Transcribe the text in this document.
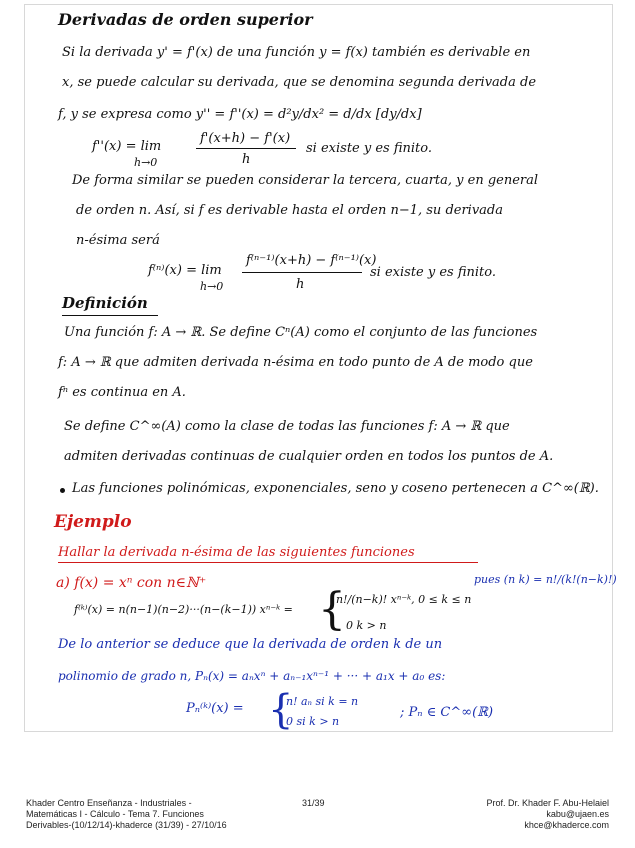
Derivadas de orden superior
Si la derivada y' = f'(x) de una función y = f(x) también es derivable en
x, se puede calcular su derivada, que se denomina segunda derivada de
f, y se expresa como y'' = f''(x) = d²y/dx² = d/dx [dy/dx]
f''(x) = lim
h→0
f'(x+h) − f'(x)
h
si existe y es finito.
De forma similar se pueden considerar la tercera, cuarta, y en general
de orden n. Así, si f es derivable hasta el orden n−1, su derivada
n-ésima será
f⁽ⁿ⁾(x) = lim
h→0
f⁽ⁿ⁻¹⁾(x+h) − f⁽ⁿ⁻¹⁾(x)
h
si existe y es finito.
Definición
Una función f: A → ℝ. Se define Cⁿ(A) como el conjunto de las funciones
f: A → ℝ que admiten derivada n-ésima en todo punto de A de modo que
fⁿ es continua en A.
Se define C^∞(A) como la clase de todas las funciones f: A → ℝ que
admiten derivadas continuas de cualquier orden en todos los puntos de A.
Las funciones polinómicas, exponenciales, seno y coseno pertenecen a C^∞(ℝ).
Ejemplo
Hallar la derivada n-ésima de las siguientes funciones
a) f(x) = xⁿ con n∈ℕ⁺
f⁽ᵏ⁾(x) = n(n−1)(n−2)···(n−(k−1)) xⁿ⁻ᵏ = {
n!/(n−k)! xⁿ⁻ᵏ, 0 ≤ k ≤ n
0 k > n
pues (n k) = n!/(k!(n−k)!)
De lo anterior se deduce que la derivada de orden k de un
polinomio de grado n, Pₙ(x) = aₙxⁿ + aₙ₋₁xⁿ⁻¹ + ··· + a₁x + a₀ es:
Pₙ⁽ᵏ⁾(x) = {
n! aₙ si k = n
0 si k > n
; Pₙ ∈ C^∞(ℝ)
Khader Centro Enseñanza - Industriales -
Matemáticas I - Cálculo - Tema 7. Funciones
Derivables-(10/12/14)-khaderce (31/39) - 27/10/16
31/39	Prof. Dr. Khader F. Abu-Helaiel
kabu@ujaen.es
khce@khaderce.com
